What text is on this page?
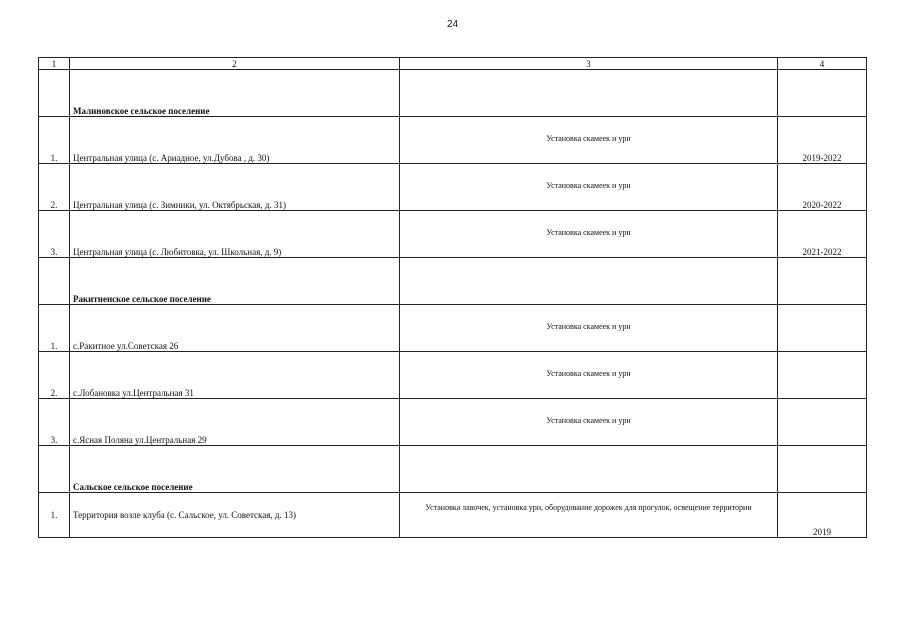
24
1	2	3	4
	Малиновское сельское поселение		
1.	Центральная улица (с. Ариадное, ул.Дубова , д. 30)	Установка скамеек и урн	2019-2022
2.	Центральная улица (с. Зимники, ул. Октябрьская, д. 31)	Установка скамеек и урн	2020-2022
3.	Центральная улица (с. Любитовка, ул. Школьная, д. 9)	Установка скамеек и урн	2021-2022
	Ракитненское сельское поселение		
1.	с.Ракитное ул.Советская 26	Установка скамеек и урн	
2.	с.Лобановка ул.Центральная 31	Установка скамеек и урн	
3.	с.Ясная Поляна ул.Центральная 29	Установка скамеек и урн	
	Сальское сельское поселение		
1.	Территория возле клуба (с. Сальское, ул. Советская, д. 13)	Установка лавочек, установка урн, оборудование дорожек для прогулок, освещение территории	2019
